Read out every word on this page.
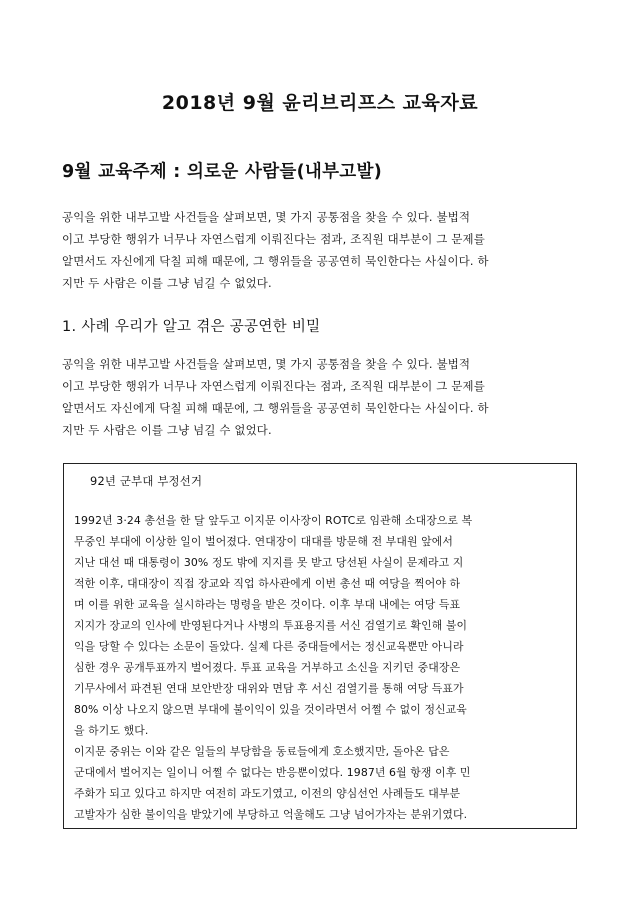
2018년 9월 윤리브리프스 교육자료
9월 교육주제 : 의로운 사람들(내부고발)
공익을 위한 내부고발 사건들을 살펴보면, 몇 가지 공통점을 찾을 수 있다. 불법적
이고 부당한 행위가 너무나 자연스럽게 이뤄진다는 점과, 조직원 대부분이 그 문제를
알면서도 자신에게 닥칠 피해 때문에, 그 행위들을 공공연히 묵인한다는 사실이다. 하
지만 두 사람은 이를 그냥 넘길 수 없었다.
1. 사례 우리가 알고 겪은 공공연한 비밀
공익을 위한 내부고발 사건들을 살펴보면, 몇 가지 공통점을 찾을 수 있다. 불법적
이고 부당한 행위가 너무나 자연스럽게 이뤄진다는 점과, 조직원 대부분이 그 문제를
알면서도 자신에게 닥칠 피해 때문에, 그 행위들을 공공연히 묵인한다는 사실이다. 하
지만 두 사람은 이를 그냥 넘길 수 없었다.
92년 군부대 부정선거
1992년 3·24 총선을 한 달 앞두고 이지문 이사장이 ROTC로 임관해 소대장으로 복
무중인 부대에 이상한 일이 벌어졌다. 연대장이 대대를 방문해 전 부대원 앞에서
지난 대선 때 대통령이 30% 정도 밖에 지지를 못 받고 당선된 사실이 문제라고 지
적한 이후, 대대장이 직접 장교와 직업 하사관에게 이번 총선 때 여당을 찍어야 하
며 이를 위한 교육을 실시하라는 명령을 받은 것이다. 이후 부대 내에는 여당 득표
지지가 장교의 인사에 반영된다거나 사병의 투표용지를 서신 검열기로 확인해 불이
익을 당할 수 있다는 소문이 돌았다. 실제 다른 중대들에서는 정신교육뿐만 아니라
심한 경우 공개투표까지 벌어졌다. 투표 교육을 거부하고 소신을 지키던 중대장은
기무사에서 파견된 연대 보안반장 대위와 면담 후 서신 검열기를 통해 여당 득표가
80% 이상 나오지 않으면 부대에 불이익이 있을 것이라면서 어쩔 수 없이 정신교육
을 하기도 했다.
이지문 중위는 이와 같은 일들의 부당함을 동료들에게 호소했지만, 돌아온 답은
군대에서 벌어지는 일이니 어쩔 수 없다는 반응뿐이었다. 1987년 6월 항쟁 이후 민
주화가 되고 있다고 하지만 여전히 과도기였고, 이전의 양심선언 사례들도 대부분
고발자가 심한 불이익을 받았기에 부당하고 억울해도 그냥 넘어가자는 분위기였다.
